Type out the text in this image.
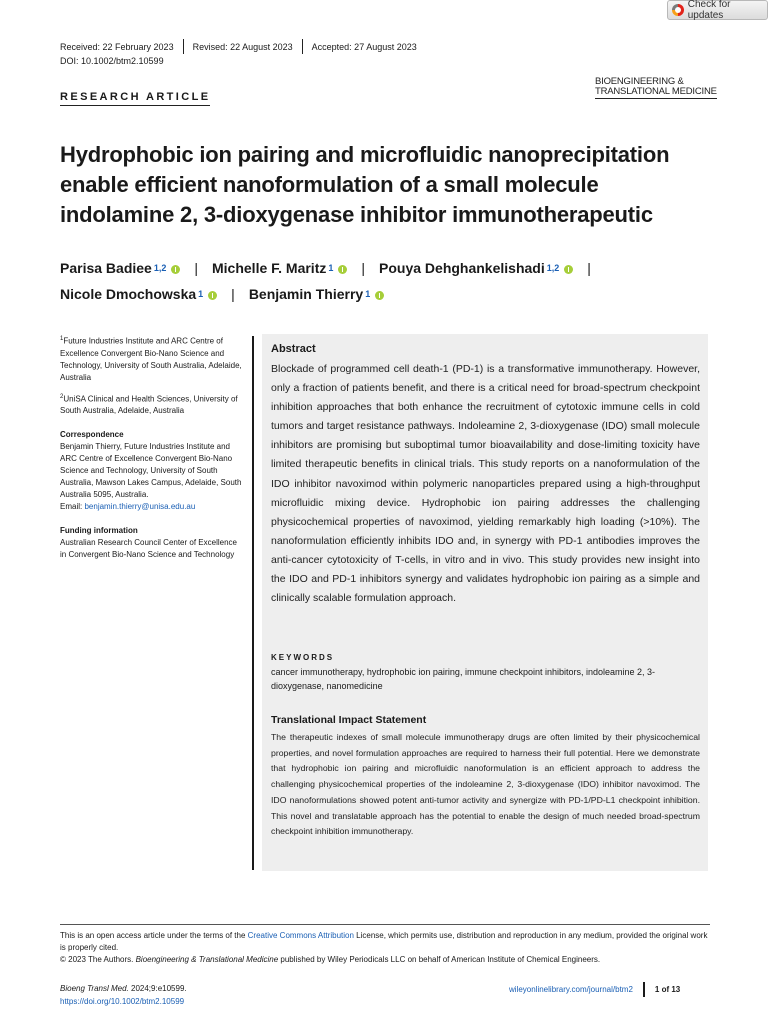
Check for updates
Received: 22 February 2023	Revised: 22 August 2023	Accepted: 27 August 2023
DOI: 10.1002/btm2.10599
BIOENGINEERING &
TRANSLATIONAL MEDICINE
RESEARCH ARTICLE
Hydrophobic ion pairing and microfluidic nanoprecipitation enable efficient nanoformulation of a small molecule indolamine 2, 3-dioxygenase inhibitor immunotherapeutic
Parisa Badiee 1,2 | Michelle F. Maritz 1 | Pouya Dehghankelishadi 1,2 |
Nicole Dmochowska 1 | Benjamin Thierry 1

$^1$Future Industries Institute and ARC Centre of Excellence Convergent Bio-Nano Science and Technology, University of South Australia, Adelaide, Australia

$^2$UniSA Clinical and Health Sciences, University of South Australia, Adelaide, Australia

Correspondence

Benjamin Thierry, Future Industries Institute and ARC Centre of Excellence Convergent Bio-Nano Science and Technology, University of South Australia, Mawson Lakes Campus, Adelaide, South Australia 5095, Australia.
Email: benjamin.thierry@unisa.edu.au

Funding information

Australian Research Council Center of Excellence in Convergent Bio-Nano Science and Technology

Abstract
Blockade of programmed cell death-1 (PD-1) is a transformative immunotherapy. However, only a fraction of patients benefit, and there is a critical need for broad-spectrum checkpoint inhibition approaches that both enhance the recruitment of cytotoxic immune cells in cold tumors and target resistance pathways. Indoleamine 2, 3-dioxygenase (IDO) small molecule inhibitors are promising but suboptimal tumor bioavailability and dose-limiting toxicity have limited therapeutic benefits in clinical trials. This study reports on a nanoformulation of the IDO inhibitor navoximod within polymeric nanoparticles prepared using a high-throughput microfluidic mixing device. Hydrophobic ion pairing addresses the challenging physicochemical properties of navoximod, yielding remarkably high loading (>10%). The nanoformulation efficiently inhibits IDO and, in synergy with PD-1 antibodies improves the anti-cancer cytotoxicity of T-cells, in vitro and in vivo. This study provides new insight into the IDO and PD-1 inhibitors synergy and validates hydrophobic ion pairing as a simple and clinically scalable formulation approach.
KEYWORDS
cancer immunotherapy, hydrophobic ion pairing, immune checkpoint inhibitors, indoleamine 2, 3-dioxygenase, nanomedicine
Translational Impact Statement
The therapeutic indexes of small molecule immunotherapy drugs are often limited by their physicochemical properties, and novel formulation approaches are required to harness their full potential. Here we demonstrate that hydrophobic ion pairing and microfluidic nanoformulation is an efficient approach to address the challenging physicochemical properties of the indoleamine 2, 3-dioxygenase (IDO) inhibitor navoximod. The IDO nanoformulations showed potent anti-tumor activity and synergize with PD-1/PD-L1 checkpoint inhibition. This novel and translatable approach has the potential to enable the design of much needed broad-spectrum checkpoint inhibition immunotherapy.

This is an open access article under the terms of the Creative Commons Attribution License, which permits use, distribution and reproduction in any medium, provided the original work is properly cited.

© 2023 The Authors. Bioengineering & Translational Medicine published by Wiley Periodicals LLC on behalf of American Institute of Chemical Engineers.

Bioeng Transl Med. 2024;9:e10599.
https://doi.org/10.1002/btm2.10599
wileyonlinelibrary.com/journal/btm2	1 of 13
